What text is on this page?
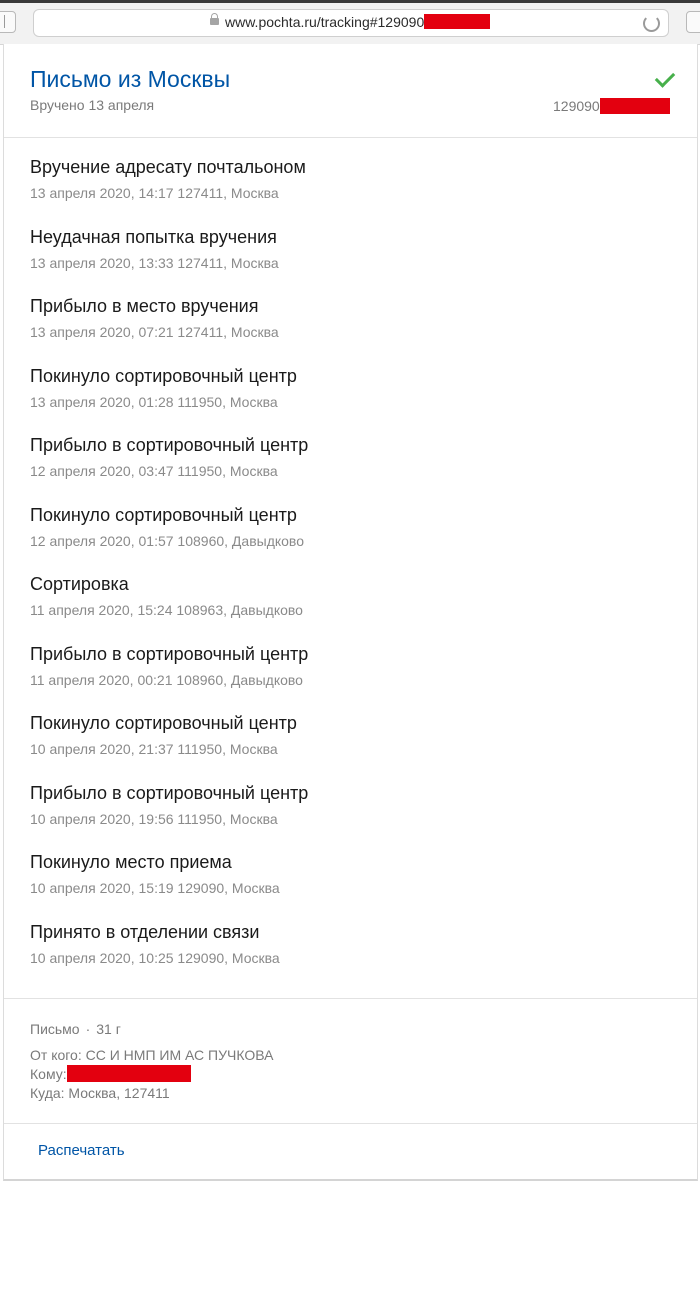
www.pochta.ru/tracking#129090
Письмо из Москвы
Вручено 13 апреля	129090
Вручение адресату почтальоном
13 апреля 2020, 14:17 127411, Москва
Неудачная попытка вручения
13 апреля 2020, 13:33 127411, Москва
Прибыло в место вручения
13 апреля 2020, 07:21 127411, Москва
Покинуло сортировочный центр
13 апреля 2020, 01:28 111950, Москва
Прибыло в сортировочный центр
12 апреля 2020, 03:47 111950, Москва
Покинуло сортировочный центр
12 апреля 2020, 01:57 108960, Давыдково
Сортировка
11 апреля 2020, 15:24 108963, Давыдково
Прибыло в сортировочный центр
11 апреля 2020, 00:21 108960, Давыдково
Покинуло сортировочный центр
10 апреля 2020, 21:37 111950, Москва
Прибыло в сортировочный центр
10 апреля 2020, 19:56 111950, Москва
Покинуло место приема
10 апреля 2020, 15:19 129090, Москва
Принято в отделении связи
10 апреля 2020, 10:25 129090, Москва
Письмо · 31 г
От кого: СС И НМП ИМ АС ПУЧКОВА
Кому:
Куда: Москва, 127411
Распечатать
